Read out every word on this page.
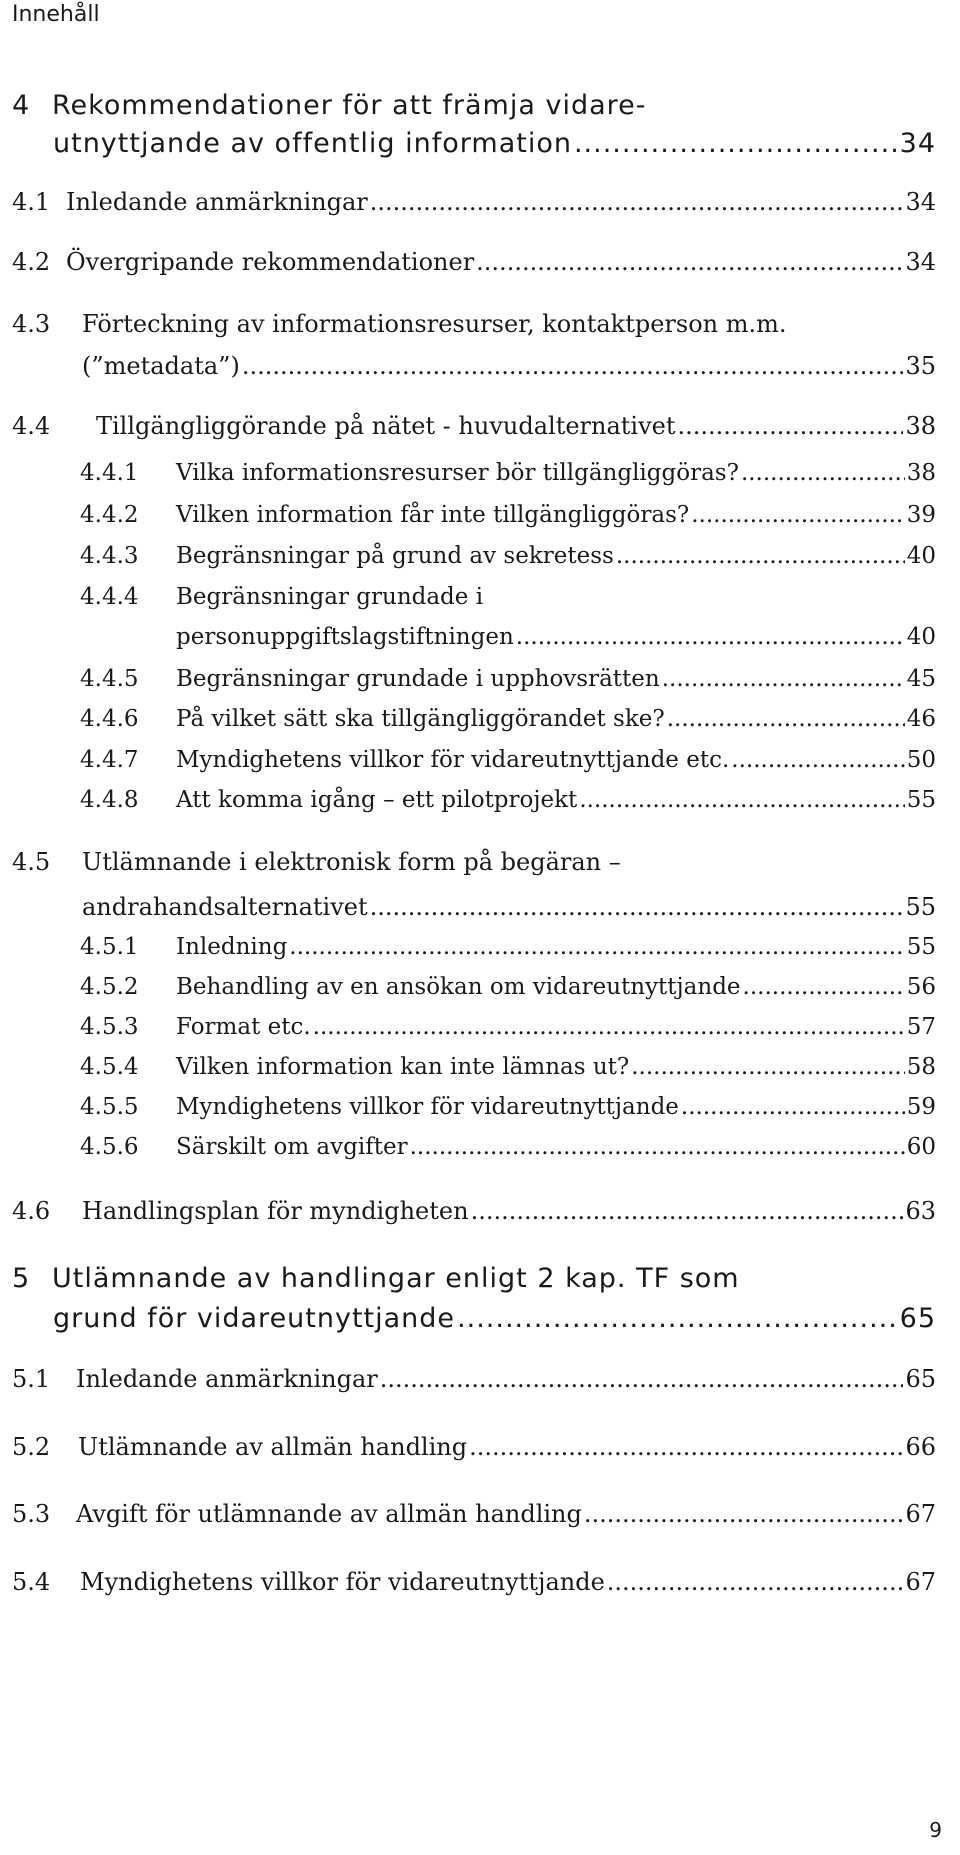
Innehåll
4 Rekommendationer för att främja vidare-
utnyttjande av offentlig information .....	34
4.1 Inledande anmärkningar .....	34
4.2 Övergripande rekommendationer .....	34
4.3 Förteckning av informationsresurser, kontaktperson m.m.
(”metadata”) .....	35
4.4	Tillgängliggörande på nätet - huvudalternativet .....	38
4.4.1	Vilka informationsresurser bör tillgängliggöras? .....	38
4.4.2	Vilken information får inte tillgängliggöras? .....	39
4.4.3	Begränsningar på grund av sekretess .....	40
4.4.4 Begränsningar grundade i
personuppgiftslagstiftningen .....	40
4.4.5	Begränsningar grundade i upphovsrätten .....	45
4.4.6	På vilket sätt ska tillgängliggörandet ske? .....	46
4.4.7	Myndighetens villkor för vidareutnyttjande etc. .....	50
4.4.8	Att komma igång – ett pilotprojekt .....	55
4.5 Utlämnande i elektronisk form på begäran –
andrahandsalternativet .....	55
4.5.1	Inledning .....	55
4.5.2	Behandling av en ansökan om vidareutnyttjande .....	56
4.5.3	Format etc. .....	57
4.5.4	Vilken information kan inte lämnas ut? .....	58
4.5.5	Myndighetens villkor för vidareutnyttjande .....	59
4.5.6	Särskilt om avgifter .....	60
4.6	Handlingsplan för myndigheten .....	63
5 Utlämnande av handlingar enligt 2 kap. TF som
grund för vidareutnyttjande .....	65
5.1	Inledande anmärkningar .....	65
5.2	Utlämnande av allmän handling .....	66
5.3	Avgift för utlämnande av allmän handling .....	67
5.4	Myndighetens villkor för vidareutnyttjande .....	67
9
